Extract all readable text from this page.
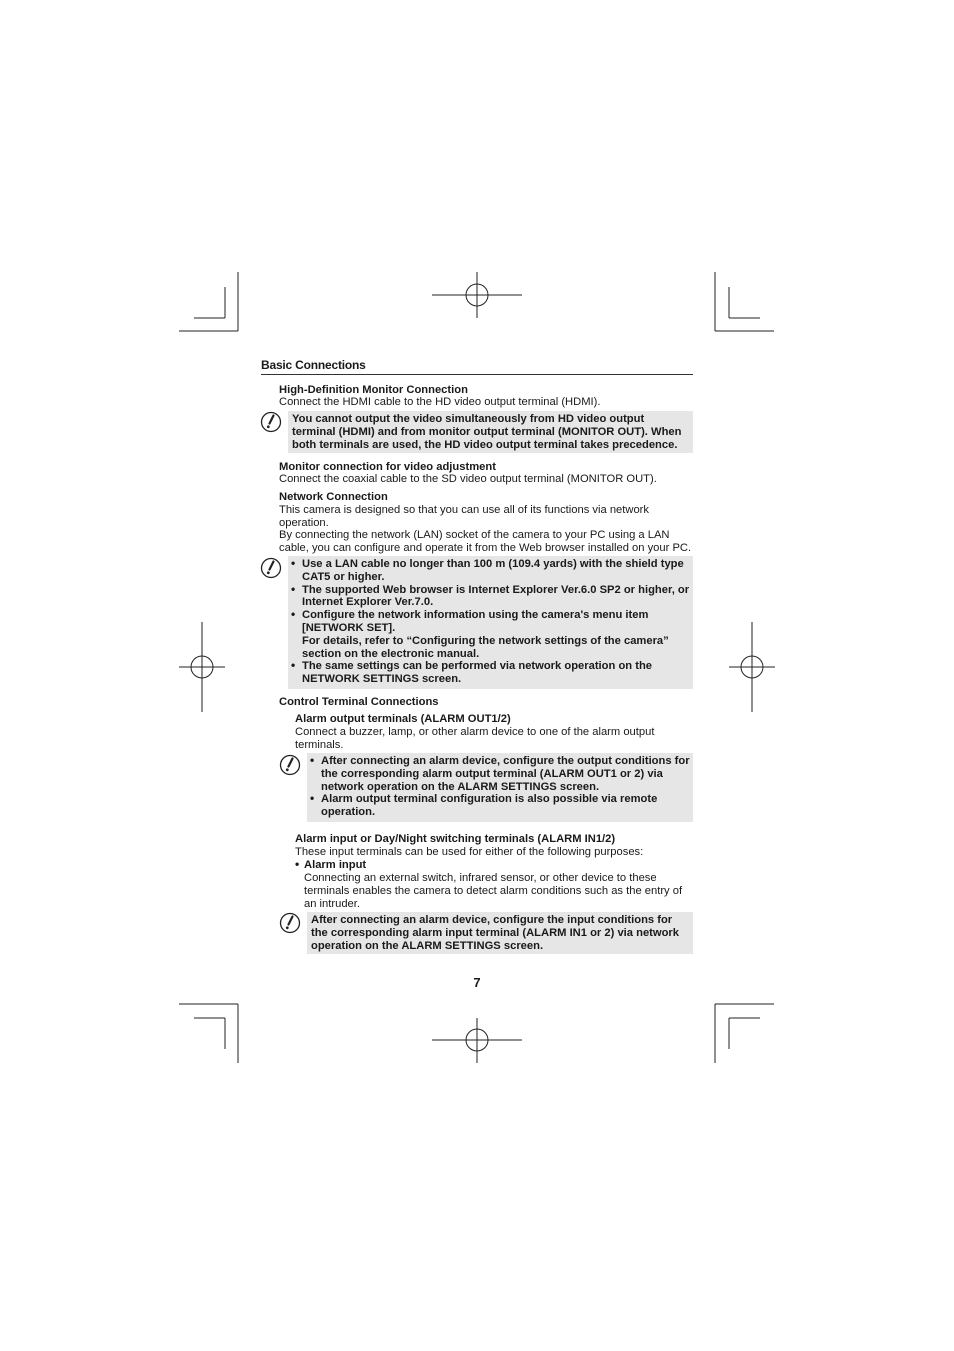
Basic Connections
High-Definition Monitor Connection
Connect the HDMI cable to the HD video output terminal (HDMI).
You cannot output the video simultaneously from HD video output terminal (HDMI) and from monitor output terminal (MONITOR OUT). When both terminals are used, the HD video output terminal takes precedence.
Monitor connection for video adjustment
Connect the coaxial cable to the SD video output terminal (MONITOR OUT).
Network Connection
This camera is designed so that you can use all of its functions via network operation.
By connecting the network (LAN) socket of the camera to your PC using a LAN cable, you can configure and operate it from the Web browser installed on your PC.
• Use a LAN cable no longer than 100 m (109.4 yards) with the shield type CAT5 or higher.
• The supported Web browser is Internet Explorer Ver.6.0 SP2 or higher, or Internet Explorer Ver.7.0.
• Configure the network information using the camera's menu item [NETWORK SET].
For details, refer to “Configuring the network settings of the camera” section on the electronic manual.
• The same settings can be performed via network operation on the NETWORK SETTINGS screen.
Control Terminal Connections
Alarm output terminals (ALARM OUT1/2)
Connect a buzzer, lamp, or other alarm device to one of the alarm output terminals.
• After connecting an alarm device, configure the output conditions for the corresponding alarm output terminal (ALARM OUT1 or 2) via network operation on the ALARM SETTINGS screen.
• Alarm output terminal configuration is also possible via remote operation.
Alarm input or Day/Night switching terminals (ALARM IN1/2)
These input terminals can be used for either of the following purposes:
• Alarm input
Connecting an external switch, infrared sensor, or other device to these terminals enables the camera to detect alarm conditions such as the entry of an intruder.
After connecting an alarm device, configure the input conditions for the corresponding alarm input terminal (ALARM IN1 or 2) via network operation on the ALARM SETTINGS screen.
7
